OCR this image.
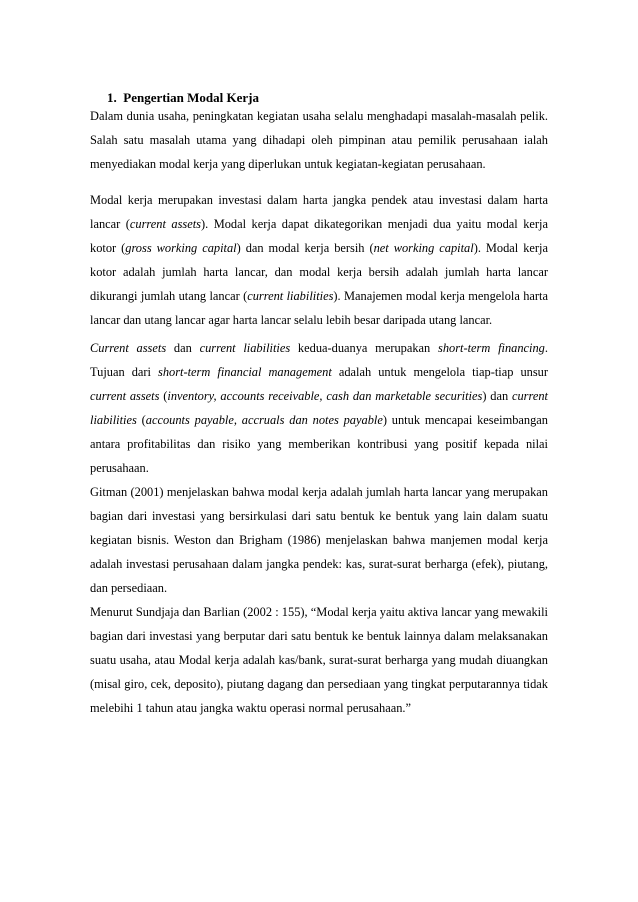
1. Pengertian Modal Kerja

Dalam dunia usaha, peningkatan kegiatan usaha selalu menghadapi masalah-masalah pelik. Salah satu masalah utama yang dihadapi oleh pimpinan atau pemilik perusahaan ialah menyediakan modal kerja yang diperlukan untuk kegiatan-kegiatan perusahaan.

Modal kerja merupakan investasi dalam harta jangka pendek atau investasi dalam harta lancar (current assets). Modal kerja dapat dikategorikan menjadi dua yaitu modal kerja kotor (gross working capital) dan modal kerja bersih (net working capital). Modal kerja kotor adalah jumlah harta lancar, dan modal kerja bersih adalah jumlah harta lancar dikurangi jumlah utang lancar (current liabilities). Manajemen modal kerja mengelola harta lancar dan utang lancar agar harta lancar selalu lebih besar daripada utang lancar.

Current assets dan current liabilities kedua-duanya merupakan short-term financing. Tujuan dari short-term financial management adalah untuk mengelola tiap-tiap unsur current assets (inventory, accounts receivable, cash dan marketable securities) dan current liabilities (accounts payable, accruals dan notes payable) untuk mencapai keseimbangan antara profitabilitas dan risiko yang memberikan kontribusi yang positif kepada nilai perusahaan.

Gitman (2001) menjelaskan bahwa modal kerja adalah jumlah harta lancar yang merupakan bagian dari investasi yang bersirkulasi dari satu bentuk ke bentuk yang lain dalam suatu kegiatan bisnis. Weston dan Brigham (1986) menjelaskan bahwa manjemen modal kerja adalah investasi perusahaan dalam jangka pendek: kas, surat-surat berharga (efek), piutang, dan persediaan.

Menurut Sundjaja dan Barlian (2002 : 155), “Modal kerja yaitu aktiva lancar yang mewakili bagian dari investasi yang berputar dari satu bentuk ke bentuk lainnya dalam melaksanakan suatu usaha, atau Modal kerja adalah kas/bank, surat-surat berharga yang mudah diuangkan (misal giro, cek, deposito), piutang dagang dan persediaan yang tingkat perputarannya tidak melebihi 1 tahun atau jangka waktu operasi normal perusahaan.”
